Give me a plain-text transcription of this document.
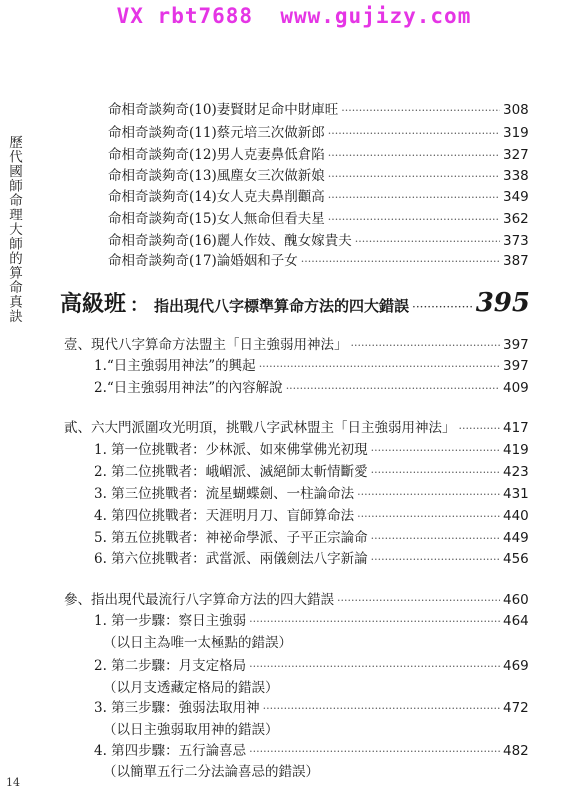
VX rbt7688  www.gujizy.com
歷代國師命理大師的算命真訣
命相奇談夠奇(10) 妻賢財足命中財庫旺 ·····	308
命相奇談夠奇(11) 蔡元培三次做新郎 ·····	319
命相奇談夠奇(12) 男人克妻鼻低倉陷 ·····	327
命相奇談夠奇(13) 風塵女三次做新娘 ·····	338
命相奇談夠奇(14) 女人克夫鼻削顴高 ·····	349
命相奇談夠奇(15) 女人無命但看夫星 ·····	362
命相奇談夠奇(16) 麗人作妓、醜女嫁貴夫 ·····	373
命相奇談夠奇(17) 論婚姻和子女 ·····	387
高級班 ： 指出現代八字標準算命方法的四大錯誤 ·····	395
壹、現代八字算命方法盟主「日主強弱用神法」 ·····	397
1.“日主強弱用神法”的興起 ·····	397
2.“日主強弱用神法”的內容解說 ·····	409
貳、六大門派圍攻光明頂，挑戰八字武林盟主「日主強弱用神法」 ·····	417
1. 第一位挑戰者：少林派、如來佛掌佛光初現 ·····	419
2. 第二位挑戰者：峨嵋派、滅絕師太斬情斷愛 ·····	423
3. 第三位挑戰者：流星蝴蝶劍、一柱論命法 ·····	431
4. 第四位挑戰者：天涯明月刀、盲師算命法 ·····	440
5. 第五位挑戰者：神祕命學派、子平正宗論命 ·····	449
6. 第六位挑戰者：武當派、兩儀劍法八字新論 ·····	456
參、指出現代最流行八字算命方法的四大錯誤 ·····	460
1. 第一步驟：察日主強弱 ·····	464
（以日主為唯一太極點的錯誤）
2. 第二步驟：月支定格局 ·····	469
（以月支透藏定格局的錯誤）
3. 第三步驟：強弱法取用神 ·····	472
（以日主強弱取用神的錯誤）
4. 第四步驟：五行論喜忌 ·····	482
（以簡單五行二分法論喜忌的錯誤）
14
